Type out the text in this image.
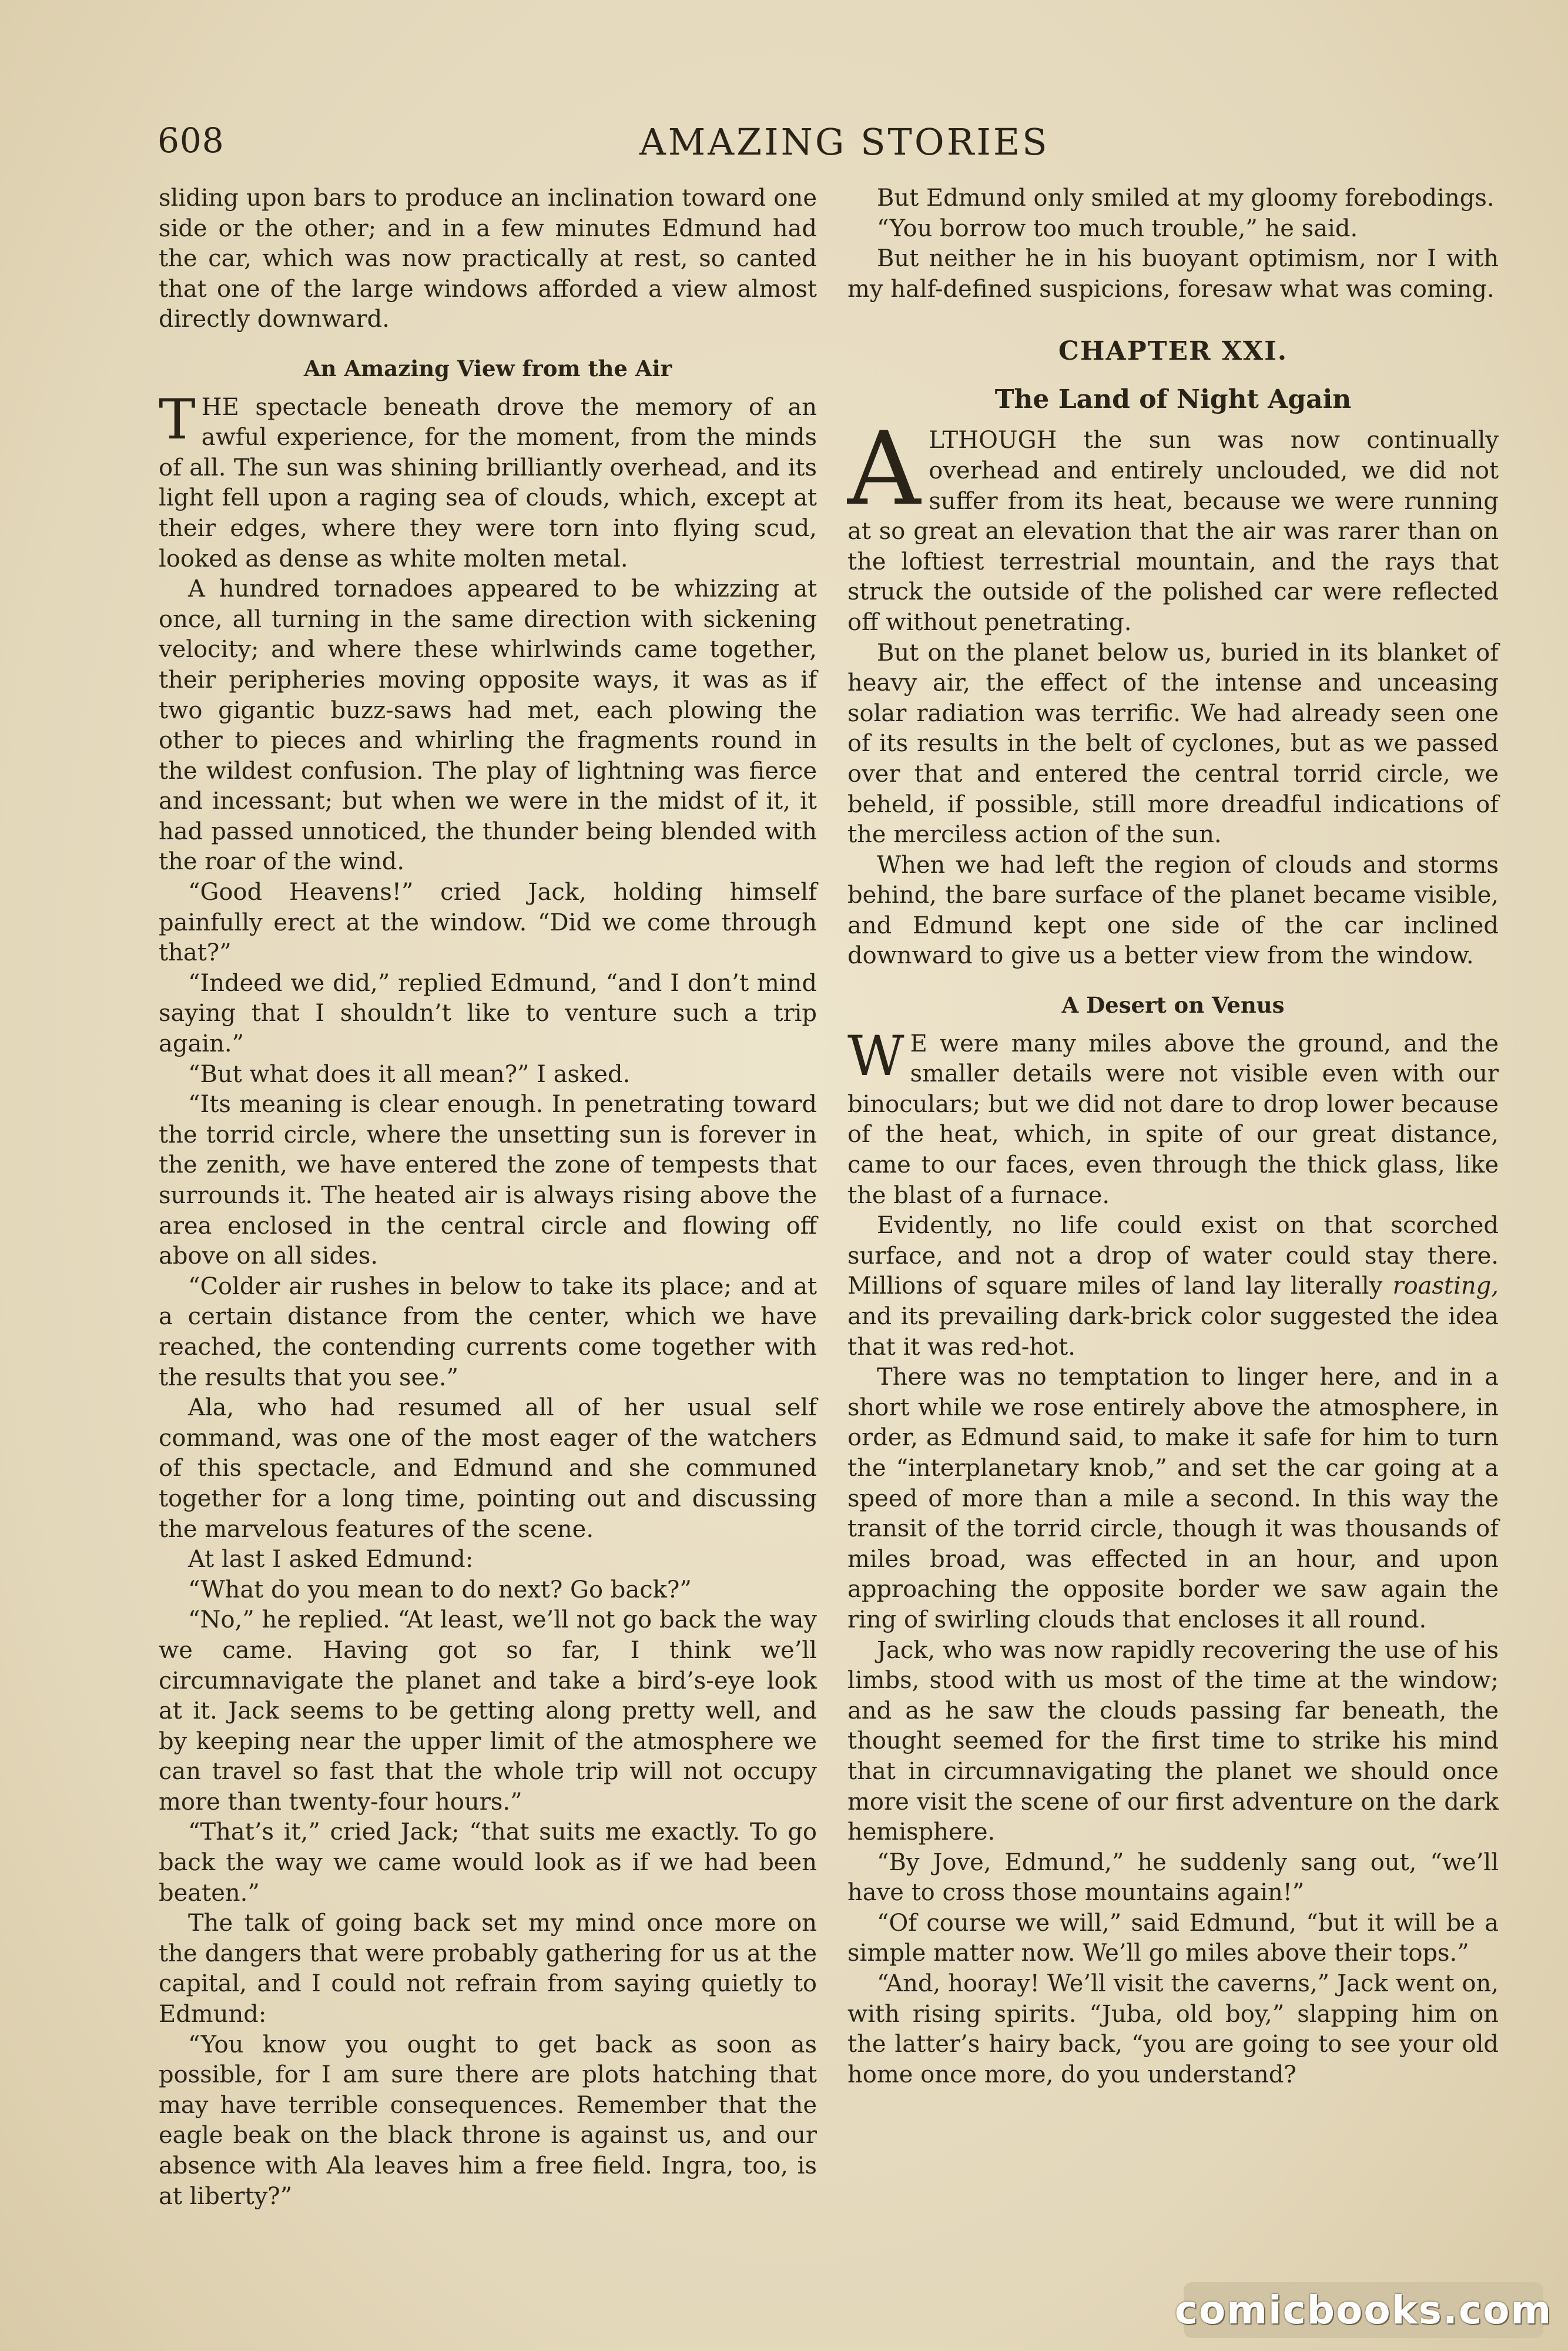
608	AMAZING STORIES

sliding upon bars to produce an inclination toward one side or the other; and in a few minutes Edmund had the car, which was now practically at rest, so canted that one of the large windows afforded a view almost directly downward.

An Amazing View from the Air

THE spectacle beneath drove the memory of an awful experience, for the moment, from the minds of all. The sun was shining brilliantly overhead, and its light fell upon a raging sea of clouds, which, except at their edges, where they were torn into flying scud, looked as dense as white molten metal.

A hundred tornadoes appeared to be whizzing at once, all turning in the same direction with sickening velocity; and where these whirlwinds came together, their peripheries moving opposite ways, it was as if two gigantic buzz-saws had met, each plowing the other to pieces and whirling the fragments round in the wildest confusion. The play of lightning was fierce and incessant; but when we were in the midst of it, it had passed unnoticed, the thunder being blended with the roar of the wind.

“Good Heavens!” cried Jack, holding himself painfully erect at the window. “Did we come through that?”

“Indeed we did,” replied Edmund, “and I don’t mind saying that I shouldn’t like to venture such a trip again.”

“But what does it all mean?” I asked.

“Its meaning is clear enough. In penetrating toward the torrid circle, where the unsetting sun is forever in the zenith, we have entered the zone of tempests that surrounds it. The heated air is always rising above the area enclosed in the central circle and flowing off above on all sides.

“Colder air rushes in below to take its place; and at a certain distance from the center, which we have reached, the contending currents come together with the results that you see.”

Ala, who had resumed all of her usual self command, was one of the most eager of the watchers of this spectacle, and Edmund and she communed together for a long time, pointing out and discussing the marvelous features of the scene.

At last I asked Edmund:

“What do you mean to do next? Go back?”

“No,” he replied. “At least, we’ll not go back the way we came. Having got so far, I think we’ll circumnavigate the planet and take a bird’s-eye look at it. Jack seems to be getting along pretty well, and by keeping near the upper limit of the atmosphere we can travel so fast that the whole trip will not occupy more than twenty-four hours.”

“That’s it,” cried Jack; “that suits me exactly. To go back the way we came would look as if we had been beaten.”

The talk of going back set my mind once more on the dangers that were probably gathering for us at the capital, and I could not refrain from saying quietly to Edmund:

“You know you ought to get back as soon as possible, for I am sure there are plots hatching that may have terrible consequences. Remember that the eagle beak on the black throne is against us, and our absence with Ala leaves him a free field. Ingra, too, is at liberty?”

But Edmund only smiled at my gloomy forebodings.

“You borrow too much trouble,” he said.

But neither he in his buoyant optimism, nor I with my half-defined suspicions, foresaw what was coming.

CHAPTER XXI.
The Land of Night Again

ALTHOUGH the sun was now continually overhead and entirely unclouded, we did not suffer from its heat, because we were running at so great an elevation that the air was rarer than on the loftiest terrestrial mountain, and the rays that struck the outside of the polished car were reflected off without penetrating.

But on the planet below us, buried in its blanket of heavy air, the effect of the intense and unceasing solar radiation was terrific. We had already seen one of its results in the belt of cyclones, but as we passed over that and entered the central torrid circle, we beheld, if possible, still more dreadful indications of the merciless action of the sun.

When we had left the region of clouds and storms behind, the bare surface of the planet became visible, and Edmund kept one side of the car inclined downward to give us a better view from the window.

A Desert on Venus

W E were many miles above the ground, and the smaller details were not visible even with our binoculars; but we did not dare to drop lower because of the heat, which, in spite of our great distance, came to our faces, even through the thick glass, like the blast of a furnace.

Evidently, no life could exist on that scorched surface, and not a drop of water could stay there. Millions of square miles of land lay literally roasting, and its prevailing dark-brick color suggested the idea that it was red-hot.

There was no temptation to linger here, and in a short while we rose entirely above the atmosphere, in order, as Edmund said, to make it safe for him to turn the “interplanetary knob,” and set the car going at a speed of more than a mile a second. In this way the transit of the torrid circle, though it was thousands of miles broad, was effected in an hour, and upon approaching the opposite border we saw again the ring of swirling clouds that encloses it all round.

Jack, who was now rapidly recovering the use of his limbs, stood with us most of the time at the window; and as he saw the clouds passing far beneath, the thought seemed for the first time to strike his mind that in circumnavigating the planet we should once more visit the scene of our first adventure on the dark hemisphere.

“By Jove, Edmund,” he suddenly sang out, “we’ll have to cross those mountains again!”

“Of course we will,” said Edmund, “but it will be a simple matter now. We’ll go miles above their tops.”

“And, hooray! We’ll visit the caverns,” Jack went on, with rising spirits. “Juba, old boy,” slapping him on the latter’s hairy back, “you are going to see your old home once more, do you understand?

comicbooks.com
